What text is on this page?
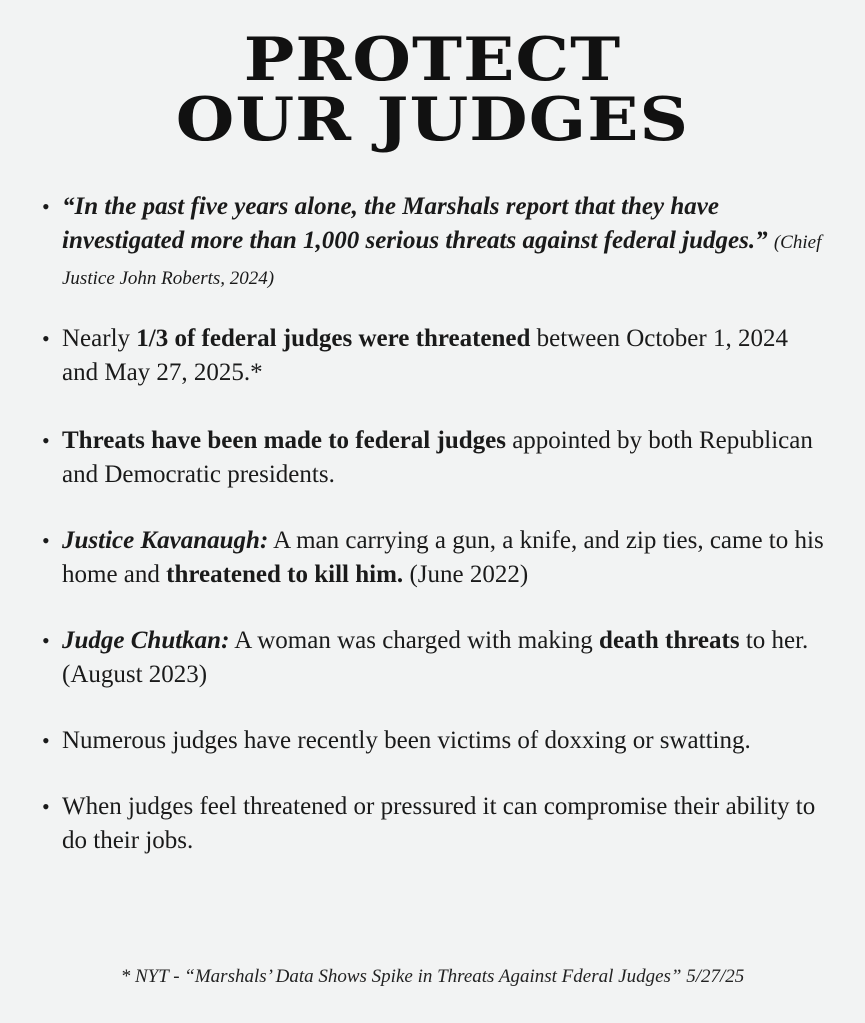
PROTECT
OUR JUDGES
• “In the past five years alone, the Marshals report that they have investigated more than 1,000 serious threats against federal judges.” (Chief Justice John Roberts, 2024)
• Nearly 1/3 of federal judges were threatened between October 1, 2024 and May 27, 2025.*
• Threats have been made to federal judges appointed by both Republican and Democratic presidents.
• Justice Kavanaugh: A man carrying a gun, a knife, and zip ties, came to his home and threatened to kill him. (June 2022)
• Judge Chutkan: A woman was charged with making death threats to her. (August 2023)
• Numerous judges have recently been victims of doxxing or swatting.
• When judges feel threatened or pressured it can compromise their ability to do their jobs.
* NYT - “Marshals’ Data Shows Spike in Threats Against Fderal Judges” 5/27/25
